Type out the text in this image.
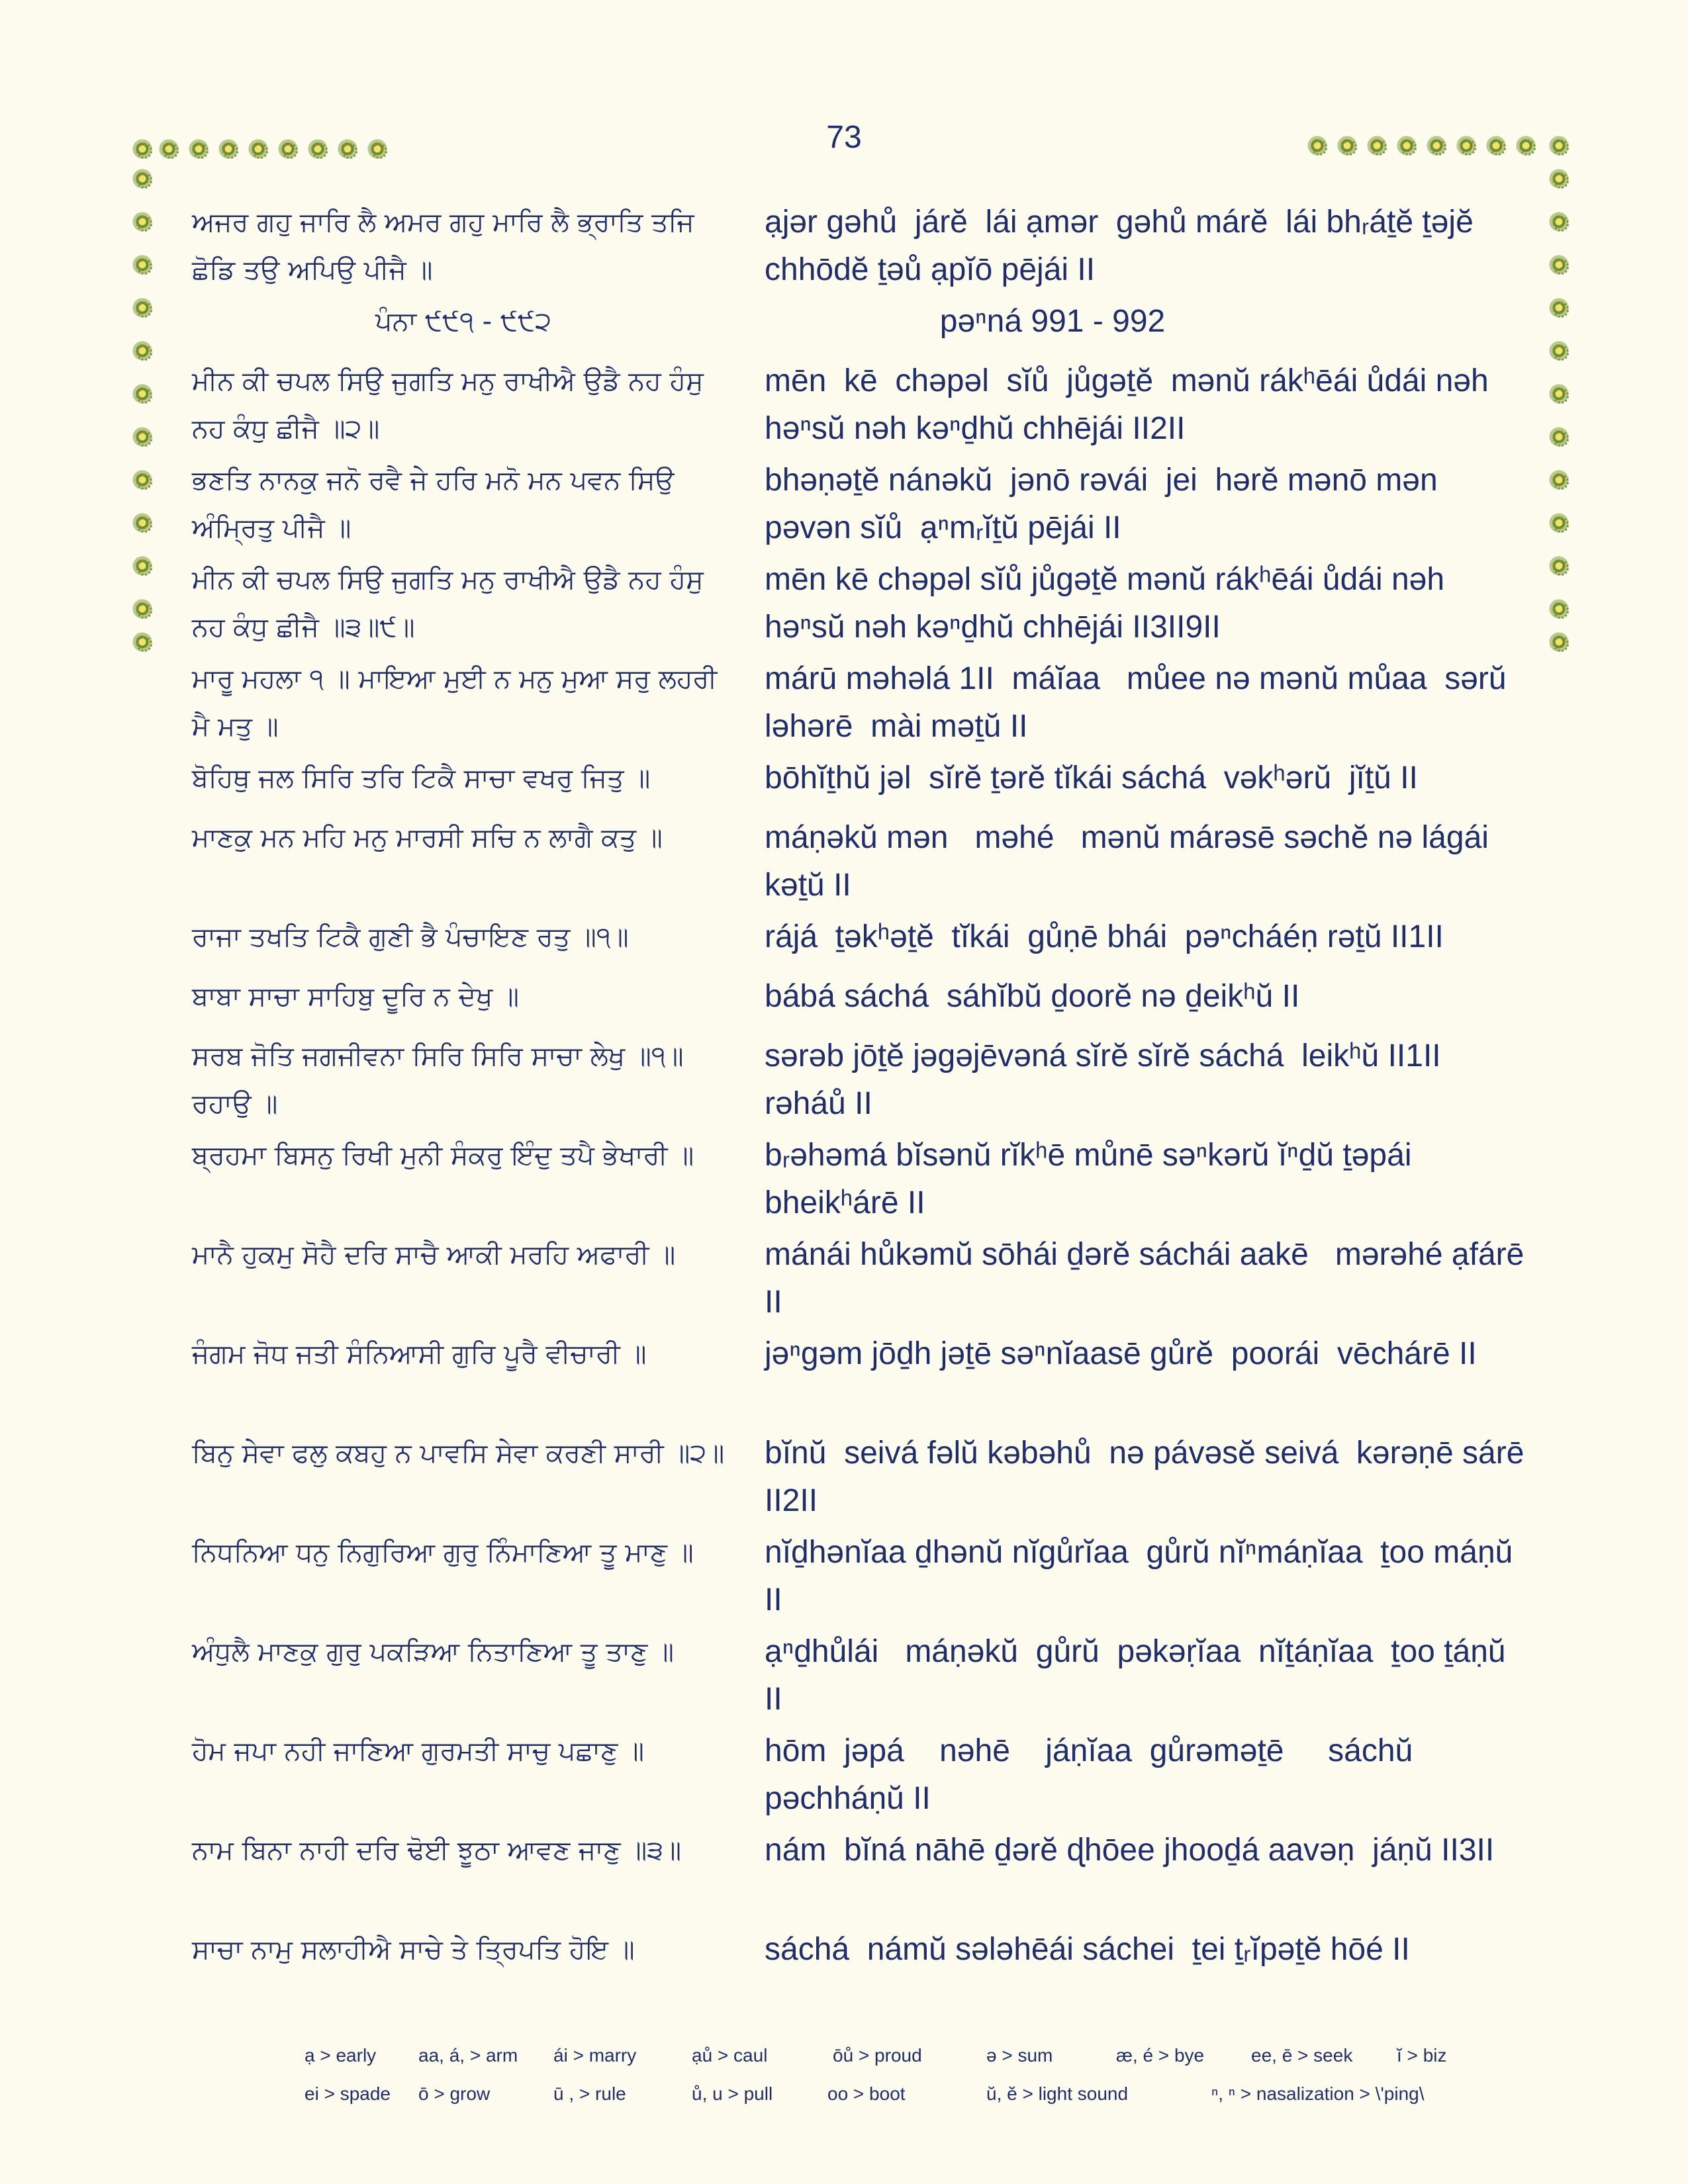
73
ਅਜਰ ਗਹੁ ਜਾਰਿ ਲੈ ਅਮਰ ਗਹੁ ਮਾਰਿ ਲੈ ਭ੍ਰਾਤਿ ਤਜਿ ਛੋਡਿ ਤਉ ਅਪਿਉ ਪੀਜੈ ॥
ạjər gəhů  járĕ  lái ạmər  gəhů márĕ  lái bhᵣáṯĕ ṯəjĕ chhōdĕ ṯəů ạpĭō pējái II
ਪੰਨਾ ੯੯੧ - ੯੯੨	pəⁿná 991 - 992
ਮੀਨ ਕੀ ਚਪਲ ਸਿਉ ਜੁਗਤਿ ਮਨੁ ਰਾਖੀਐ ਉਡੈ ਨਹ ਹੰਸੁ ਨਹ ਕੰਧੁ ਛੀਜੈ ॥੨॥
mēn  kē  chəpəl  sĭů  jůgəṯĕ  mənŭ rákʰēái ůdái nəh  həⁿsŭ nəh kəⁿḏhŭ chhējái II2II
ਭਣਤਿ ਨਾਨਕੁ ਜਨੋ ਰਵੈ ਜੇ ਹਰਿ ਮਨੋ ਮਨ ਪਵਨ ਸਿਉ ਅੰਮ੍ਰਿਤੁ ਪੀਜੈ ॥
bhəṇəṯĕ nánəkŭ  jənō rəvái  jei  hərĕ mənō mən pəvən sĭů  ạⁿmᵣĭṯŭ pējái II
ਮੀਨ ਕੀ ਚਪਲ ਸਿਉ ਜੁਗਤਿ ਮਨੁ ਰਾਖੀਐ ਉਡੈ ਨਹ ਹੰਸੁ ਨਹ ਕੰਧੁ ਛੀਜੈ ॥੩॥੯॥
mēn kē chəpəl sĭů jůgəṯĕ mənŭ rákʰēái ůdái nəh həⁿsŭ nəh kəⁿḏhŭ chhējái II3II9II
ਮਾਰੂ ਮਹਲਾ ੧ ॥ ਮਾਇਆ ਮੁਈ ਨ ਮਨੁ ਮੁਆ ਸਰੁ ਲਹਰੀ ਮੈ ਮਤੁ ॥
márū məhəlá 1II  máĭaa   můee nə mənŭ můaa  sərŭ ləhərē  mài məṯŭ II
ਬੋਹਿਥੁ ਜਲ ਸਿਰਿ ਤਰਿ ਟਿਕੈ ਸਾਚਾ ਵਖਰੁ ਜਿਤੁ ॥	bōhĭṯhŭ jəl  sĭrĕ ṯərĕ tĭkái sáchá  vəkʰərŭ  jĭṯŭ II
ਮਾਣਕੁ ਮਨ ਮਹਿ ਮਨੁ ਮਾਰਸੀ ਸਚਿ ਨ ਲਾਗੈ ਕਤੁ ॥	máṇəkŭ mən   məhé   mənŭ márəsē səchĕ nə lágái  kəṯŭ II
ਰਾਜਾ ਤਖਤਿ ਟਿਕੈ ਗੁਣੀ ਭੈ ਪੰਚਾਇਣ ਰਤੁ ॥੧॥	rájá  ṯəkʰəṯĕ  tĭkái  gůṇē bhái  pəⁿcháéṇ rəṯŭ II1II
ਬਾਬਾ ਸਾਚਾ ਸਾਹਿਬੁ ਦੂਰਿ ਨ ਦੇਖੁ ॥	bábá sáchá  sáhĭbŭ ḏoorĕ nə ḏeikʰŭ II
ਸਰਬ ਜੋਤਿ ਜਗਜੀਵਨਾ ਸਿਰਿ ਸਿਰਿ ਸਾਚਾ ਲੇਖੁ ॥੧॥ ਰਹਾਉ ॥
sərəb jōṯĕ jəgəjēvəná sĭrĕ sĭrĕ sáchá  leikʰŭ II1II rəháů II
ਬ੍ਰਹਮਾ ਬਿਸਨੁ ਰਿਖੀ ਮੁਨੀ ਸੰਕਰੁ ਇੰਦੁ ਤਪੈ ਭੇਖਾਰੀ ॥	bᵣəhəmá bĭsənŭ rĭkʰē můnē səⁿkərŭ ĭⁿḏŭ ṯəpái bheikʰárē II
ਮਾਨੈ ਹੁਕਮੁ ਸੋਹੈ ਦਰਿ ਸਾਚੈ ਆਕੀ ਮਰਹਿ ਅਫਾਰੀ ॥	mánái hůkəmŭ sōhái ḏərĕ sáchái aakē   mərəhé ạfárē II
ਜੰਗਮ ਜੋਧ ਜਤੀ ਸੰਨਿਆਸੀ ਗੁਰਿ ਪੂਰੈ ਵੀਚਾਰੀ ॥	jəⁿgəm jōḏh jəṯē səⁿnĭaasē gůrĕ  poorái  vēchárē II
ਬਿਨੁ ਸੇਵਾ ਫਲੁ ਕਬਹੁ ਨ ਪਾਵਸਿ ਸੇਵਾ ਕਰਣੀ ਸਾਰੀ ॥੨॥	bĭnŭ  seivá fəlŭ kəbəhů  nə pávəsĕ seivá  kərəṇē sárē II2II
ਨਿਧਨਿਆ ਧਨੁ ਨਿਗੁਰਿਆ ਗੁਰੁ ਨਿੰਮਾਣਿਆ ਤੂ ਮਾਣੁ ॥	nĭḏhənĭaa ḏhənŭ nĭgůrĭaa  gůrŭ nĭⁿmáṇĭaa  ṯoo máṇŭ II
ਅੰਧੁਲੈ ਮਾਣਕੁ ਗੁਰੁ ਪਕੜਿਆ ਨਿਤਾਣਿਆ ਤੂ ਤਾਣੁ ॥	ạⁿḏhůlái   máṇəkŭ  gůrŭ  pəkəṛĭaa  nĭṯáṇĭaa  ṯoo ṯáṇŭ II
ਹੋਮ ਜਪਾ ਨਹੀ ਜਾਣਿਆ ਗੁਰਮਤੀ ਸਾਚੁ ਪਛਾਣੁ ॥	hōm  jəpá    nəhē    jáṇĭaa  gůrəməṯē     sáchŭ pəchháṇŭ II
ਨਾਮ ਬਿਨਾ ਨਾਹੀ ਦਰਿ ਢੋਈ ਝੂਠਾ ਆਵਣ ਜਾਣੁ ॥੩॥	nám  bĭná nāhē ḏərĕ ɖhōee jhooḏá aavəṇ  jáṇŭ II3II
ਸਾਚਾ ਨਾਮੁ ਸਲਾਹੀਐ ਸਾਚੇ ਤੇ ਤ੍ਰਿਪਤਿ ਹੋਇ ॥	sáchá  námŭ sələhēái sáchei  ṯei ṯᵣĭpəṯĕ hōé II
ạ > early aa, á, > arm ái > marry	ạů > caul	ōů > proud	ə > sum	æ, é > bye	ee, ē > seek ĭ > biz
ei > spade ō > grow	ū , > rule	ů, u > pull	oo > boot	ŭ, ĕ > light sound	ⁿ, ⁿ > nasalization > \'ping\
